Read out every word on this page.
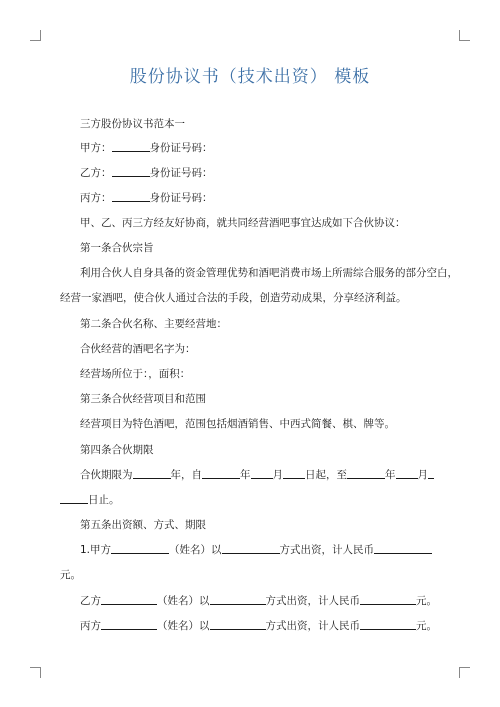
股份协议书（技术出资） 模板
三方股份协议书范本一
甲方：	身份证号码：
乙方：	身份证号码：
丙方：	身份证号码：
甲、乙、丙三方经友好协商，就共同经营酒吧事宜达成如下合伙协议：
第一条合伙宗旨
利用合伙人自身具备的资金管理优势和酒吧消费市场上所需综合服务的部分空白，
经营一家酒吧，使合伙人通过合法的手段，创造劳动成果，分享经济利益。
第二条合伙名称、主要经营地：
合伙经营的酒吧名字为：
经营场所位于：，面积：
第三条合伙经营项目和范围
经营项目为特色酒吧，范围包括烟酒销售、中西式简餐、棋、牌等。
第四条合伙期限
合伙期限为	年，自	年 月 日起，至	年 月
日止。
第五条出资额、方式、期限
1.甲方	（姓名）以	方式出资，计人民币
元。
乙方	（姓名）以	方式出资，计人民币	元。
丙方	（姓名）以	方式出资，计人民币	元。
